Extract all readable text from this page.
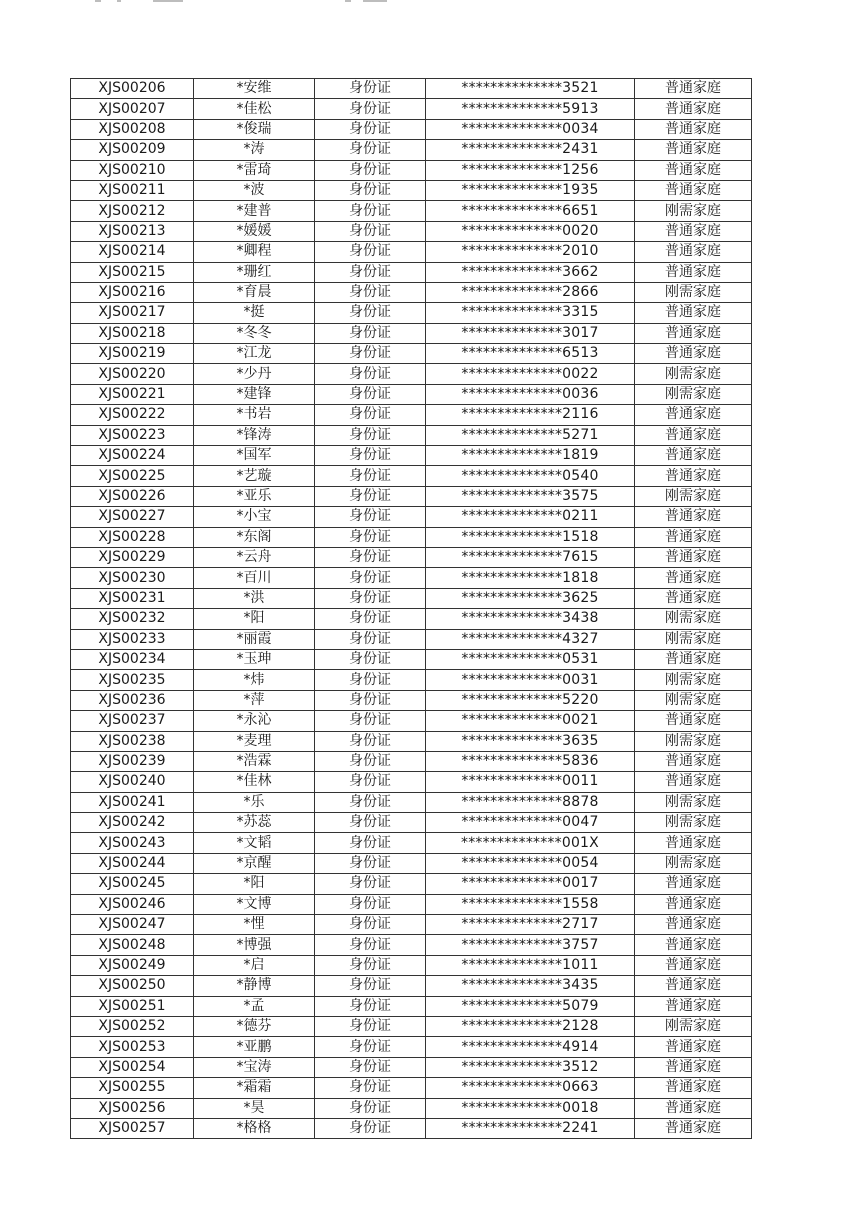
XJS00206	*安维	身份证	**************3521	普通家庭
XJS00207	*佳松	身份证	**************5913	普通家庭
XJS00208	*俊瑞	身份证	**************0034	普通家庭
XJS00209	*涛	身份证	**************2431	普通家庭
XJS00210	*雷琦	身份证	**************1256	普通家庭
XJS00211	*波	身份证	**************1935	普通家庭
XJS00212	*建普	身份证	**************6651	刚需家庭
XJS00213	*媛媛	身份证	**************0020	普通家庭
XJS00214	*卿程	身份证	**************2010	普通家庭
XJS00215	*珊红	身份证	**************3662	普通家庭
XJS00216	*育晨	身份证	**************2866	刚需家庭
XJS00217	*挺	身份证	**************3315	普通家庭
XJS00218	*冬冬	身份证	**************3017	普通家庭
XJS00219	*江龙	身份证	**************6513	普通家庭
XJS00220	*少丹	身份证	**************0022	刚需家庭
XJS00221	*建锋	身份证	**************0036	刚需家庭
XJS00222	*书岩	身份证	**************2116	普通家庭
XJS00223	*锋涛	身份证	**************5271	普通家庭
XJS00224	*国军	身份证	**************1819	普通家庭
XJS00225	*艺璇	身份证	**************0540	普通家庭
XJS00226	*亚乐	身份证	**************3575	刚需家庭
XJS00227	*小宝	身份证	**************0211	普通家庭
XJS00228	*东阁	身份证	**************1518	普通家庭
XJS00229	*云舟	身份证	**************7615	普通家庭
XJS00230	*百川	身份证	**************1818	普通家庭
XJS00231	*洪	身份证	**************3625	普通家庭
XJS00232	*阳	身份证	**************3438	刚需家庭
XJS00233	*丽霞	身份证	**************4327	刚需家庭
XJS00234	*玉珅	身份证	**************0531	普通家庭
XJS00235	*炜	身份证	**************0031	刚需家庭
XJS00236	*萍	身份证	**************5220	刚需家庭
XJS00237	*永沁	身份证	**************0021	普通家庭
XJS00238	*麦理	身份证	**************3635	刚需家庭
XJS00239	*浩霖	身份证	**************5836	普通家庭
XJS00240	*佳林	身份证	**************0011	普通家庭
XJS00241	*乐	身份证	**************8878	刚需家庭
XJS00242	*苏蕊	身份证	**************0047	刚需家庭
XJS00243	*文韬	身份证	**************001X	普通家庭
XJS00244	*京醒	身份证	**************0054	刚需家庭
XJS00245	*阳	身份证	**************0017	普通家庭
XJS00246	*文博	身份证	**************1558	普通家庭
XJS00247	*悝	身份证	**************2717	普通家庭
XJS00248	*博强	身份证	**************3757	普通家庭
XJS00249	*启	身份证	**************1011	普通家庭
XJS00250	*静博	身份证	**************3435	普通家庭
XJS00251	*孟	身份证	**************5079	普通家庭
XJS00252	*德芬	身份证	**************2128	刚需家庭
XJS00253	*亚鹏	身份证	**************4914	普通家庭
XJS00254	*宝涛	身份证	**************3512	普通家庭
XJS00255	*霜霜	身份证	**************0663	普通家庭
XJS00256	*昊	身份证	**************0018	普通家庭
XJS00257	*格格	身份证	**************2241	普通家庭
